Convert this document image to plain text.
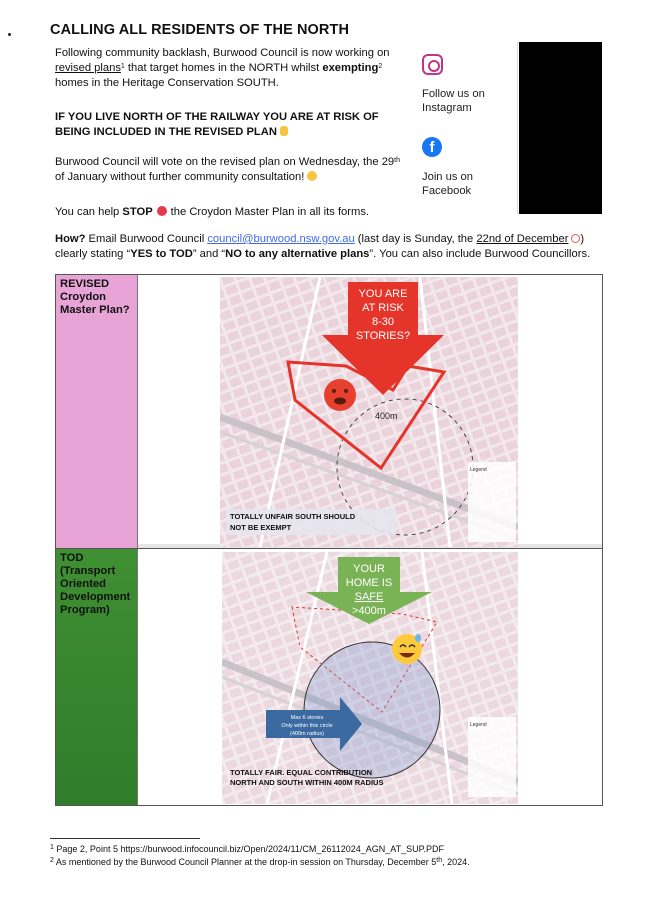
CALLING ALL RESIDENTS OF THE NORTH
Following community backlash, Burwood Council is now working on
revised plans$^1$ that target homes in the NORTH whilst exempting$^2$
homes in the Heritage Conservation SOUTH.
IF YOU LIVE NORTH OF THE RAILWAY YOU ARE AT RISK OF BEING INCLUDED IN THE REVISED PLAN
Burwood Council will vote on the revised plan on Wednesday, the 29th
of January without further community consultation!
You can help STOP the Croydon Master Plan in all its forms.
Follow us on Instagram
f
Join us on Facebook
How? Email Burwood Council council@burwood.nsw.gov.au (last day is Sunday, the 22nd of December )
clearly stating “YES to TOD” and “NO to any alternative plans”. You can also include Burwood Councillors.
REVISED Croydon Master Plan?
TOD (Transport Oriented Development Program)
YOU ARE
AT RISK
8-30
STORIES?
400m
Legend
TOTALLY UNFAIR SOUTH SHOULD
NOT BE EXEMPT
YOUR
HOME IS
SAFE
>400m
Max 6 stories
Only within this circle
(400m radius)
Legend
TOTALLY FAIR. EQUAL CONTRIBUTION
NORTH AND SOUTH WITHIN 400M RADIUS
$^1$ Page 2, Point 5 https://burwood.infocouncil.biz/Open/2024/11/CM_26112024_AGN_AT_SUP.PDF
$^2$ As mentioned by the Burwood Council Planner at the drop-in session on Thursday, December 5th, 2024.
